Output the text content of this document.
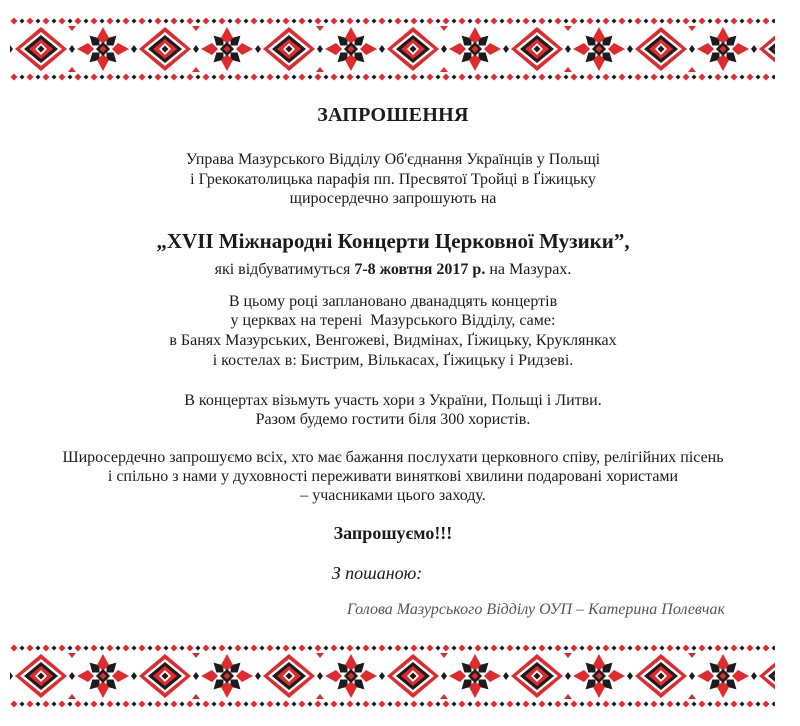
ЗАПРОШЕННЯ
Управа Мазурського Відділу Об'єднання Українців у Польщі
і Грекокатолицька парафія пп. Пресвятої Тройці в Ґіжицьку
щиросердечно запрошують на
„XVII Міжнародні Концерти Церковної Музики”,
які відбуватимуться 7-8 жовтня 2017 р. на Мазурах.
В цьому році заплановано дванадцять концертів
у церквах на терені  Мазурського Відділу, саме:
в Банях Мазурських, Венгожеві, Видмінах, Ґіжицьку, Круклянках
і костелах в: Бистрим, Вількасах, Ґіжицьку і Ридзеві.
В концертах візьмуть участь хори з України, Польщі і Литви.
Разом будемо гостити біля 300 хористів.
Широсердечно запрошуємо всіх, хто має бажання послухати церковного співу, релігійних пісень
і спільно з нами у духовності переживати виняткові хвилини подаровані хористами
– учасниками цього заходу.
Запрошуємо!!!
З пошаною:
Голова Мазурського Відділу ОУП – Катерина Полевчак
